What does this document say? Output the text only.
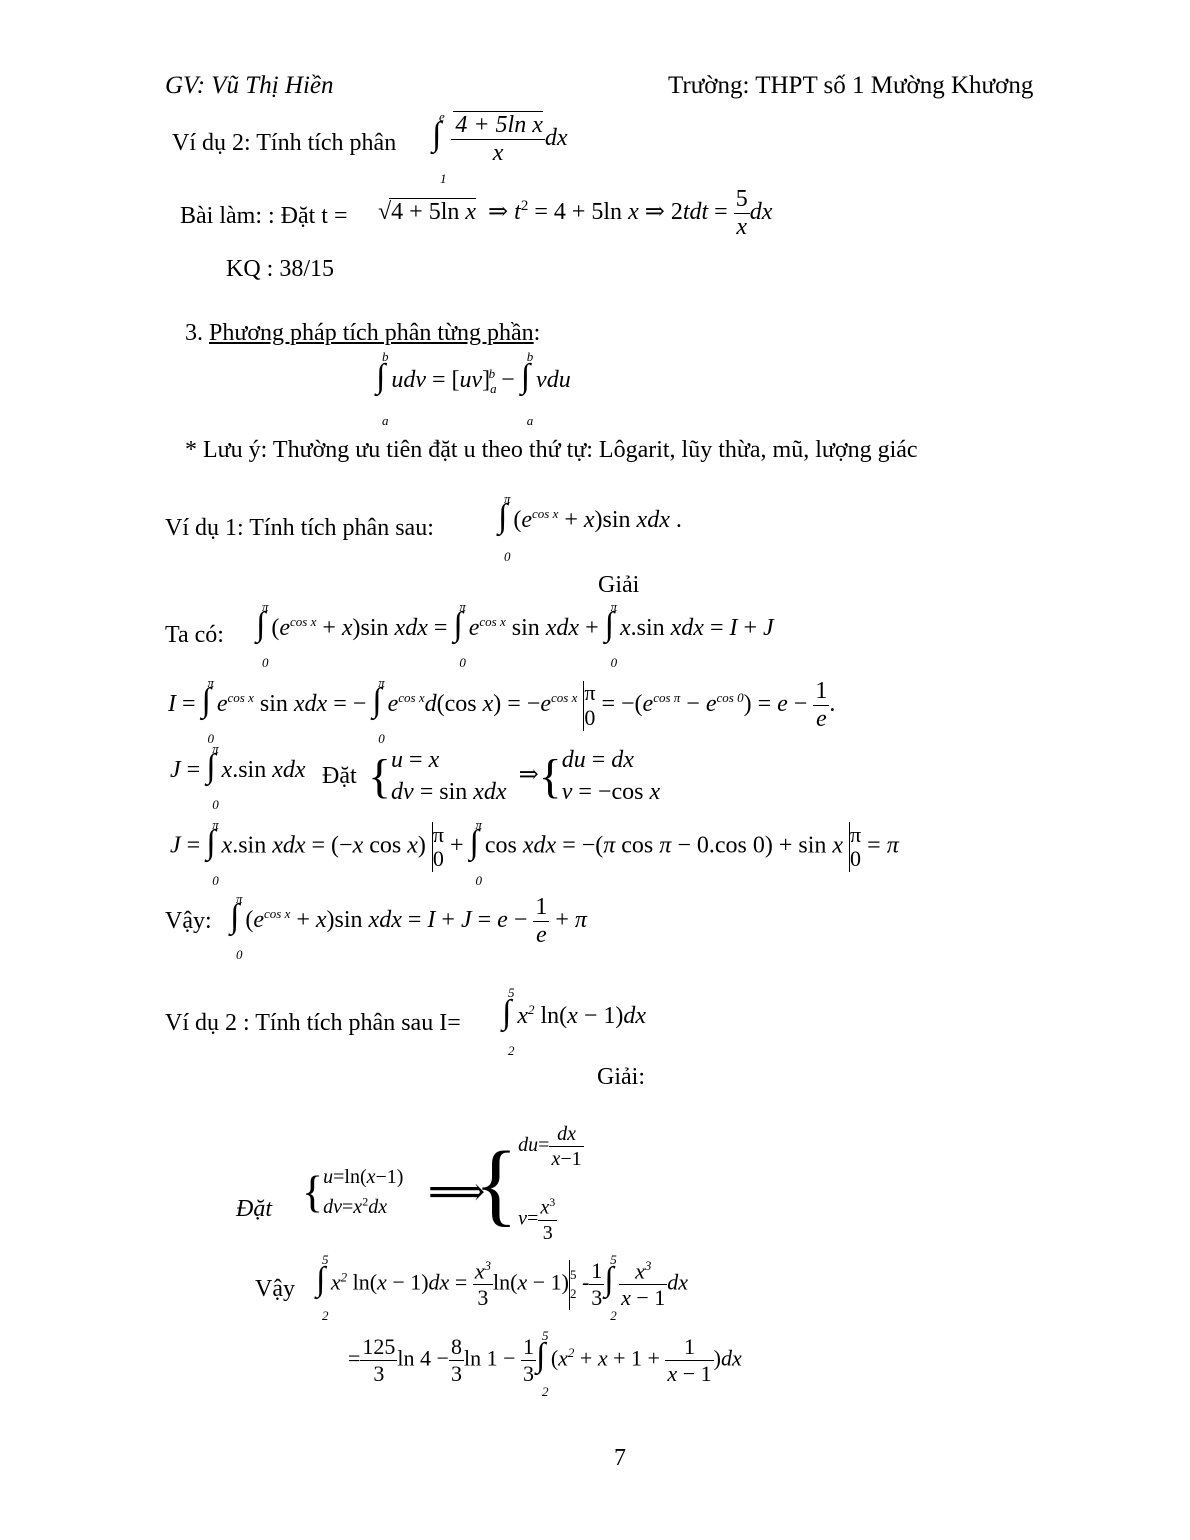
GV: Vũ Thị Hiền	Trường: THPT số 1 Mường Khương
Ví dụ 2: Tính tích phân ∫
e
1

$\frac{\text{4 + 5ln x}}{x}$ dx
Bài làm: : Đặt t = √4 + 5ln x  ⇒ $t^2 = 4 + 5\ln$ x ⇒ $2tdt = \frac{5}{x}$ dx
KQ : 38/15
3. Phương pháp tích phân từng phần:
∫
b
a
udv = $[uv]_a^b$ − ∫
b
a
vdu
* Lưu ý: Thường ưu tiên đặt u theo thứ tự: Lôgarit, lũy thừa, mũ, lượng giác
Ví dụ 1: Tính tích phân sau: ∫
π
0
$(e^{cos x} + x)\sin$ xdx .
Giải
Ta có: ∫
π
0
$(e^{cos x} + x)\sin$ xdx = ∫
π
0
$e^{cos x}$ sin xdx + ∫
π
0
x.sin xdx = I + J
I = ∫
π
0
$e^{cos x}$ sin xdx = − ∫
π
0
$e^{cos x}d(\cos$ $x) = -e^{cos x}$ π
$0 = -(e^{cos \pi} - e^{cos 0}) = e - \frac{1}{e}$ .
J = ∫
π
0
x.sin xdx Đặt {u = x
dv = sin xdx  ⇒{du = dx
v = −cos x
J = ∫
π
0
x.sin xdx = (−x cos x) π
0 + ∫
π
0
cos xdx = −(π cos π − 0.cos 0) + sin x π
0 = π
Vậy: ∫
π
0
$(e^{cos x} + x)\sin$ xdx = $I + J = e - \frac{1}{e} + \pi$
Ví dụ 2 : Tính tích phân sau I= ∫
5
2
$x^2$ ln(x − 1)dx
Giải:
Đặt {u=ln(x−1)
$dv=x^2dx$	⟹
{$du= \frac{dx}{x-1}$

$v= \frac{x^3}{3}$
Vậy ∫
5
2
$x^2$ $\ln(x - 1)dx = \frac{x^3}{3} \ln(x - 1)5$
$2 - \frac{1}{3}$ ∫
5
2

$\frac{x^3}{x - 1}$ dx
= $\frac{125}{3}$ $\ln 4 - \frac{8}{3}$ $\ln 1 - \frac{1}{3}$ ∫
5
2
$(x^2 + x + 1 + \frac{1}{x - 1} )dx$
7
